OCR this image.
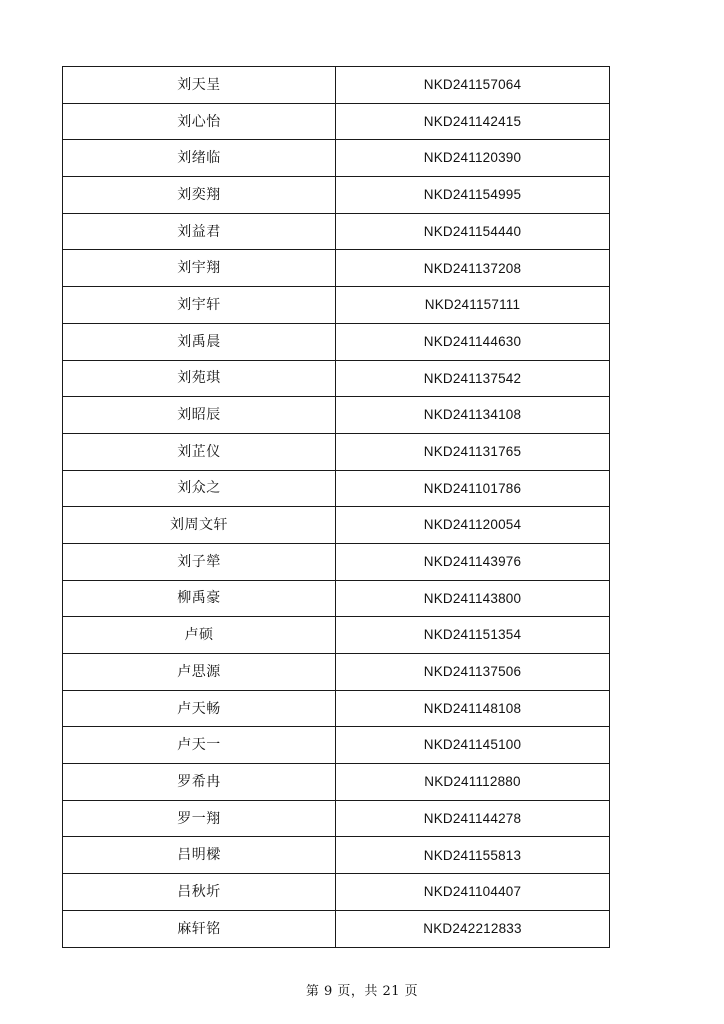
刘天呈	NKD241157064
刘心怡	NKD241142415
刘绪临	NKD241120390
刘奕翔	NKD241154995
刘益君	NKD241154440
刘宇翔	NKD241137208
刘宇轩	NKD241157111
刘禹晨	NKD241144630
刘苑琪	NKD241137542
刘昭辰	NKD241134108
刘芷仪	NKD241131765
刘众之	NKD241101786
刘周文轩	NKD241120054
刘子犖	NKD241143976
柳禹豪	NKD241143800
卢硕	NKD241151354
卢思源	NKD241137506
卢天畅	NKD241148108
卢天一	NKD241145100
罗希冉	NKD241112880
罗一翔	NKD241144278
吕明樑	NKD241155813
吕秋圻	NKD241104407
麻轩铭	NKD242212833
第 9 页，共 21 页
